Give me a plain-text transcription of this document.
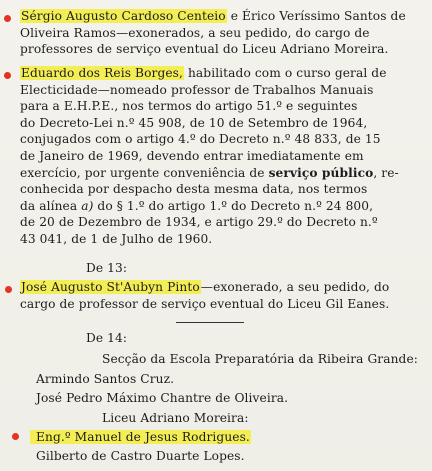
Sérgio Augusto Cardoso Centeio e Érico Veríssimo Santos de
Oliveira Ramos—exonerados, a seu pedido, do cargo de
professores de serviço eventual do Liceu Adriano Moreira.
Eduardo dos Reis Borges, habilitado com o curso geral de
Electicidade—nomeado professor de Trabalhos Manuais
para a E.H.P.E., nos termos do artigo 51.º e seguintes
do Decreto-Lei n.º 45 908, de 10 de Setembro de 1964,
conjugados com o artigo 4.º do Decreto n.º 48 833, de 15
de Janeiro de 1969, devendo entrar imediatamente em
exercício, por urgente conveniência de serviço público, re-
conhecida por despacho desta mesma data, nos termos
da alínea a) do § 1.º do artigo 1.º do Decreto n.º 24 800,
de 20 de Dezembro de 1934, e artigo 29.º do Decreto n.º
43 041, de 1 de Julho de 1960.
De 13:
José Augusto St'Aubyn Pinto—exonerado, a seu pedido, do
cargo de professor de serviço eventual do Liceu Gil Eanes.
De 14:
Secção da Escola Preparatória da Ribeira Grande:
Armindo Santos Cruz.
José Pedro Máximo Chantre de Oliveira.
Liceu Adriano Moreira:
Eng.º Manuel de Jesus Rodrigues.
Gilberto de Castro Duarte Lopes.
